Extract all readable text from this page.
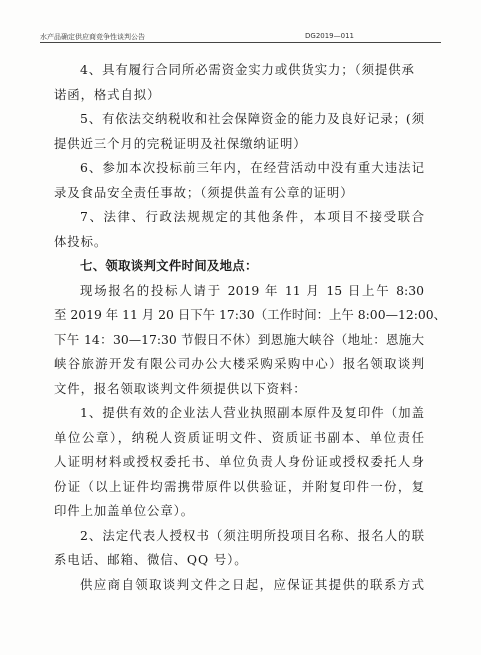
水产品确定供应商竞争性谈判公告	DG2019—011
4、具有履行合同所必需资金实力或供货实力；（须提供承
诺函，格式自拟）
5、有依法交纳税收和社会保障资金的能力及良好记录；(须
提供近三个月的完税证明及社保缴纳证明）
6、参加本次投标前三年内，在经营活动中没有重大违法记
录及食品安全责任事故；（须提供盖有公章的证明）
7、法律、行政法规规定的其他条件，本项目不接受联合
体投标。
七、领取谈判文件时间及地点：
现场报名的投标人请于 2019 年 11 月 15 日上午 8:30
至 2019 年 11 月 20 日下午 17:30（工作时间：上午 8:00—12:00、
下午 14：30—17:30 节假日不休）到恩施大峡谷（地址：恩施大
峡谷旅游开发有限公司办公大楼采购采购中心）报名领取谈判
文件，报名领取谈判文件须提供以下资料：
1、提供有效的企业法人营业执照副本原件及复印件（加盖
单位公章），纳税人资质证明文件、资质证书副本、单位责任
人证明材料或授权委托书、单位负责人身份证或授权委托人身
份证（以上证件均需携带原件以供验证，并附复印件一份，复
印件上加盖单位公章）。
2、法定代表人授权书（须注明所投项目名称、报名人的联
系电话、邮箱、微信、QQ 号）。
供应商自领取谈判文件之日起，应保证其提供的联系方式
